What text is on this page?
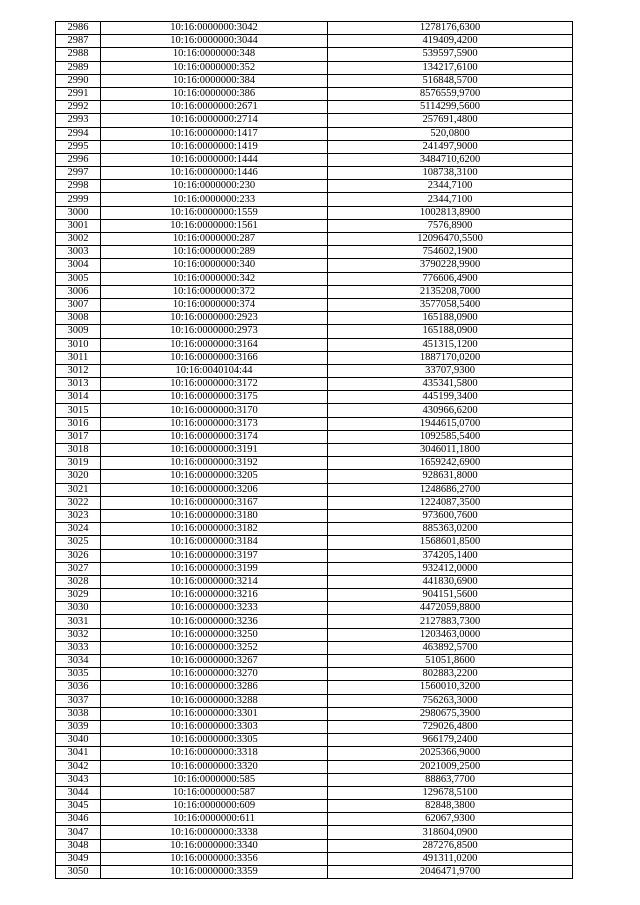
2986	10:16:0000000:3042	1278176,6300
2987	10:16:0000000:3044	419409,4200
2988	10:16:0000000:348	539597,5900
2989	10:16:0000000:352	134217,6100
2990	10:16:0000000:384	516848,5700
2991	10:16:0000000:386	8576559,9700
2992	10:16:0000000:2671	5114299,5600
2993	10:16:0000000:2714	257691,4800
2994	10:16:0000000:1417	520,0800
2995	10:16:0000000:1419	241497,9000
2996	10:16:0000000:1444	3484710,6200
2997	10:16:0000000:1446	108738,3100
2998	10:16:0000000:230	2344,7100
2999	10:16:0000000:233	2344,7100
3000	10:16:0000000:1559	1002813,8900
3001	10:16:0000000:1561	7576,8900
3002	10:16:0000000:287	12096470,5500
3003	10:16:0000000:289	754602,1900
3004	10:16:0000000:340	3790228,9900
3005	10:16:0000000:342	776606,4900
3006	10:16:0000000:372	2135208,7000
3007	10:16:0000000:374	3577058,5400
3008	10:16:0000000:2923	165188,0900
3009	10:16:0000000:2973	165188,0900
3010	10:16:0000000:3164	451315,1200
3011	10:16:0000000:3166	1887170,0200
3012	10:16:0040104:44	33707,9300
3013	10:16:0000000:3172	435341,5800
3014	10:16:0000000:3175	445199,3400
3015	10:16:0000000:3170	430966,6200
3016	10:16:0000000:3173	1944615,0700
3017	10:16:0000000:3174	1092585,5400
3018	10:16:0000000:3191	3046011,1800
3019	10:16:0000000:3192	1659242,6900
3020	10:16:0000000:3205	928631,8000
3021	10:16:0000000:3206	1248686,2700
3022	10:16:0000000:3167	1224087,3500
3023	10:16:0000000:3180	973600,7600
3024	10:16:0000000:3182	885363,0200
3025	10:16:0000000:3184	1568601,8500
3026	10:16:0000000:3197	374205,1400
3027	10:16:0000000:3199	932412,0000
3028	10:16:0000000:3214	441830,6900
3029	10:16:0000000:3216	904151,5600
3030	10:16:0000000:3233	4472059,8800
3031	10:16:0000000:3236	2127883,7300
3032	10:16:0000000:3250	1203463,0000
3033	10:16:0000000:3252	463892,5700
3034	10:16:0000000:3267	51051,8600
3035	10:16:0000000:3270	802883,2200
3036	10:16:0000000:3286	1560010,3200
3037	10:16:0000000:3288	756263,3000
3038	10:16:0000000:3301	2980675,3900
3039	10:16:0000000:3303	729026,4800
3040	10:16:0000000:3305	966179,2400
3041	10:16:0000000:3318	2025366,9000
3042	10:16:0000000:3320	2021009,2500
3043	10:16:0000000:585	88863,7700
3044	10:16:0000000:587	129678,5100
3045	10:16:0000000:609	82848,3800
3046	10:16:0000000:611	62067,9300
3047	10:16:0000000:3338	318604,0900
3048	10:16:0000000:3340	287276,8500
3049	10:16:0000000:3356	491311,0200
3050	10:16:0000000:3359	2046471,9700
